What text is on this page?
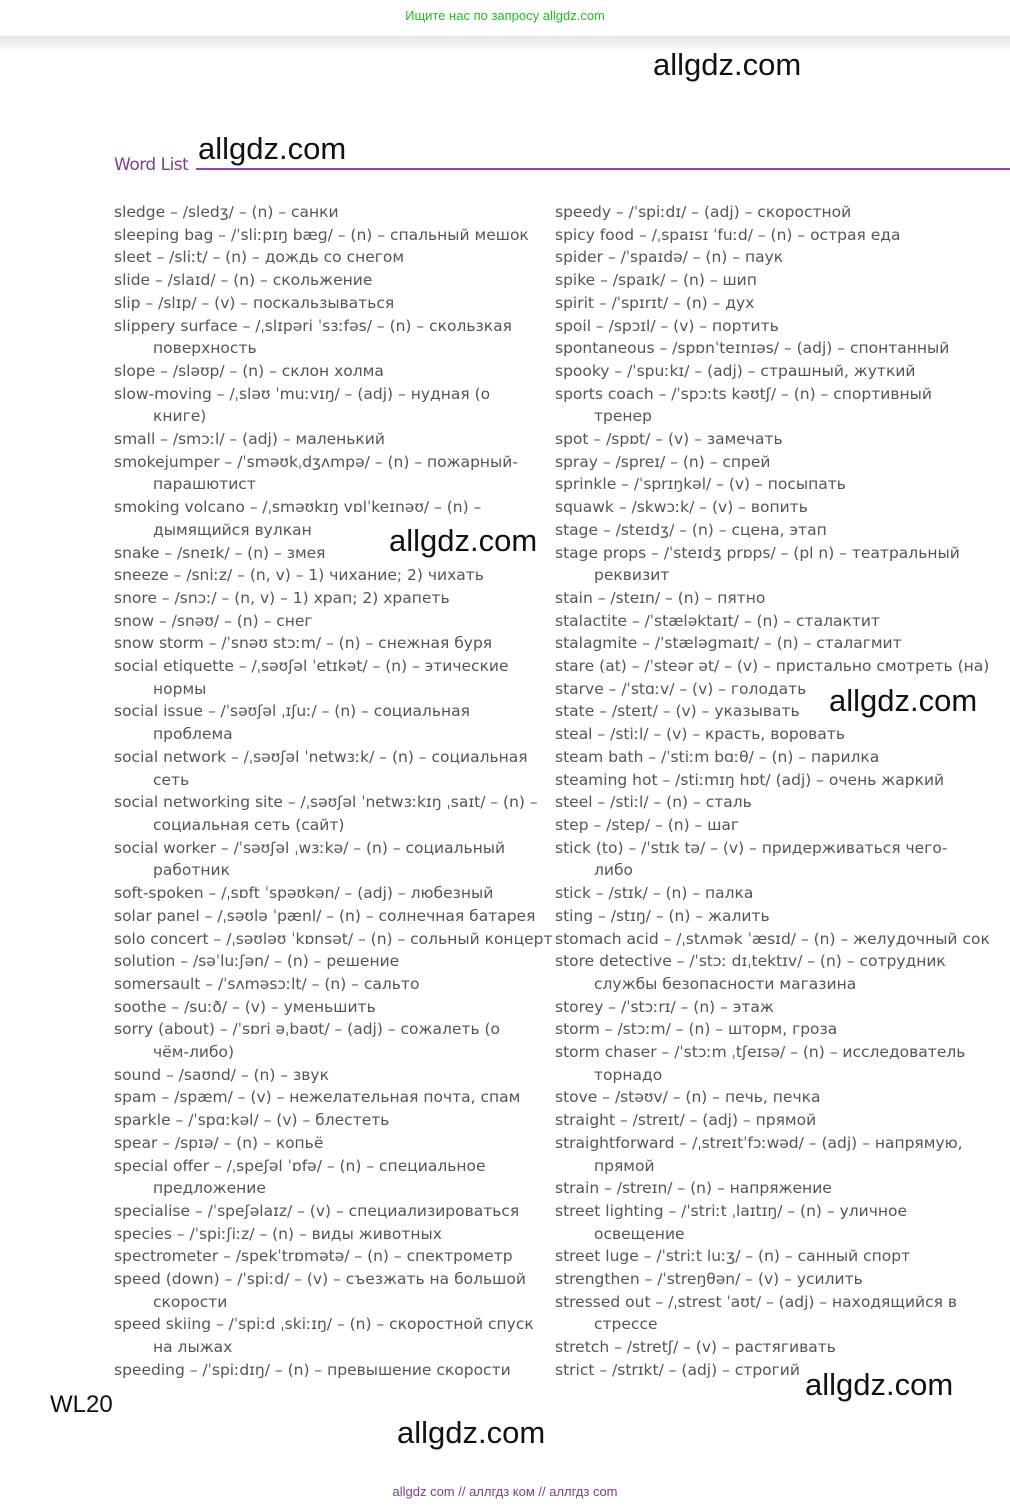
Ищите нас по запросу allgdz.com
allgdz.com
allgdz.com
Word List
sledge – /sledʒ/ – (n) – санки
sleeping bag – /ˈsliːpɪŋ bæɡ/ – (n) – спальный мешок
sleet – /sliːt/ – (n) – дождь со снегом
slide – /slaɪd/ – (n) – скольжение
slip – /slɪp/ – (v) – поскальзываться
slippery surface – /ˌslɪpəri ˈsɜːfəs/ – (n) – скользкая
поверхность
slope – /sləʊp/ – (n) – склон холма
slow-moving – /ˌsləʊ ˈmuːvɪŋ/ – (adj) – нудная (о
книге)
small – /smɔːl/ – (adj) – маленький
smokejumper – /ˈsməʊkˌdʒʌmpə/ – (n) – пожарный-
парашютист
smoking volcano – /ˌsməʊkɪŋ vɒlˈkeɪnəʊ/ – (n) –
дымящийся вулкан
snake – /sneɪk/ – (n) – змея
sneeze – /sniːz/ – (n, v) – 1) чихание; 2) чихать
snore – /snɔː/ – (n, v) – 1) храп; 2) храпеть
snow – /snəʊ/ – (n) – снег
snow storm – /ˈsnəʊ stɔːm/ – (n) – снежная буря
social etiquette – /ˌsəʊʃəl ˈetɪkət/ – (n) – этические
нормы
social issue – /ˈsəʊʃəl ˌɪʃuː/ – (n) – социальная
проблема
social network – /ˌsəʊʃəl ˈnetwɜːk/ – (n) – социальная
сеть
social networking site – /ˌsəʊʃəl ˈnetwɜːkɪŋ ˌsaɪt/ – (n) –
социальная сеть (сайт)
social worker – /ˈsəʊʃəl ˌwɜːkə/ – (n) – социальный
работник
soft-spoken – /ˌsɒft ˈspəʊkən/ – (adj) – любезный
solar panel – /ˌsəʊlə ˈpænl/ – (n) – солнечная батарея
solo concert – /ˌsəʊləʊ ˈkɒnsət/ – (n) – сольный концерт
solution – /səˈluːʃən/ – (n) – решение
somersault – /ˈsʌməsɔːlt/ – (n) – сальто
soothe – /suːð/ – (v) – уменьшить
sorry (about) – /ˈsɒri əˌbaʊt/ – (adj) – сожалеть (о
чём-либо)
sound – /saʊnd/ – (n) – звук
spam – /spæm/ – (v) – нежелательная почта, спам
sparkle – /ˈspɑːkəl/ – (v) – блестеть
spear – /spɪə/ – (n) – копьё
special offer – /ˌspeʃəl ˈɒfə/ – (n) – специальное
предложение
specialise – /ˈspeʃəlaɪz/ – (v) – специализироваться
species – /ˈspiːʃiːz/ – (n) – виды животных
spectrometer – /spekˈtrɒmətə/ – (n) – спектрометр
speed (down) – /ˈspiːd/ – (v) – съезжать на большой
скорости
speed skiing – /ˈspiːd ˌskiːɪŋ/ – (n) – скоростной спуск
на лыжах
speeding – /ˈspiːdɪŋ/ – (n) – превышение скорости
speedy – /ˈspiːdɪ/ – (adj) – скоростной
spicy food – /ˌspaɪsɪ ˈfuːd/ – (n) – острая еда
spider – /ˈspaɪdə/ – (n) – паук
spike – /spaɪk/ – (n) – шип
spirit – /ˈspɪrɪt/ – (n) – дух
spoil – /spɔɪl/ – (v) – портить
spontaneous – /spɒnˈteɪnɪəs/ – (adj) – спонтанный
spooky – /ˈspuːkɪ/ – (adj) – страшный, жуткий
sports coach – /ˈspɔːts kəʊtʃ/ – (n) – спортивный
тренер
spot – /spɒt/ – (v) – замечать
spray – /spreɪ/ – (n) – спрей
sprinkle – /ˈsprɪŋkəl/ – (v) – посыпать
squawk – /skwɔːk/ – (v) – вопить
stage – /steɪdʒ/ – (n) – сцена, этап
stage props – /ˈsteɪdʒ prɒps/ – (pl n) – театральный
реквизит
stain – /steɪn/ – (n) – пятно
stalactite – /ˈstæləktaɪt/ – (n) – сталактит
stalagmite – /ˈstæləɡmaɪt/ – (n) – сталагмит
stare (at) – /ˈsteər ət/ – (v) – пристально смотреть (на)
starve – /ˈstɑːv/ – (v) – голодать
state – /steɪt/ – (v) – указывать
steal – /stiːl/ – (v) – красть, воровать
steam bath – /ˈstiːm bɑːθ/ – (n) – парилка
steaming hot – /stiːmɪŋ hɒt/ (adj) – очень жаркий
steel – /stiːl/ – (n) – сталь
step – /step/ – (n) – шаг
stick (to) – /ˈstɪk tə/ – (v) – придерживаться чего-
либо
stick – /stɪk/ – (n) – палка
sting – /stɪŋ/ – (n) – жалить
stomach acid – /ˌstʌmək ˈæsɪd/ – (n) – желудочный сок
store detective – /ˈstɔː dɪˌtektɪv/ – (n) – сотрудник
службы безопасности магазина
storey – /ˈstɔːrɪ/ – (n) – этаж
storm – /stɔːm/ – (n) – шторм, гроза
storm chaser – /ˈstɔːm ˌtʃeɪsə/ – (n) – исследователь
торнадо
stove – /stəʊv/ – (n) – печь, печка
straight – /streɪt/ – (adj) – прямой
straightforward – /ˌstreɪtˈfɔːwəd/ – (adj) – напрямую,
прямой
strain – /streɪn/ – (n) – напряжение
street lighting – /ˈstriːt ˌlaɪtɪŋ/ – (n) – уличное
освещение
street luge – /ˈstriːt luːʒ/ – (n) – санный спорт
strengthen – /ˈstreŋθən/ – (v) – усилить
stressed out – /ˌstrest ˈaʊt/ – (adj) – находящийся в
стрессе
stretch – /stretʃ/ – (v) – растягивать
strict – /strɪkt/ – (adj) – строгий
allgdz.com
allgdz.com
allgdz.com
allgdz.com
WL20
allgdz com // аллгдз ком // аллгдз com
